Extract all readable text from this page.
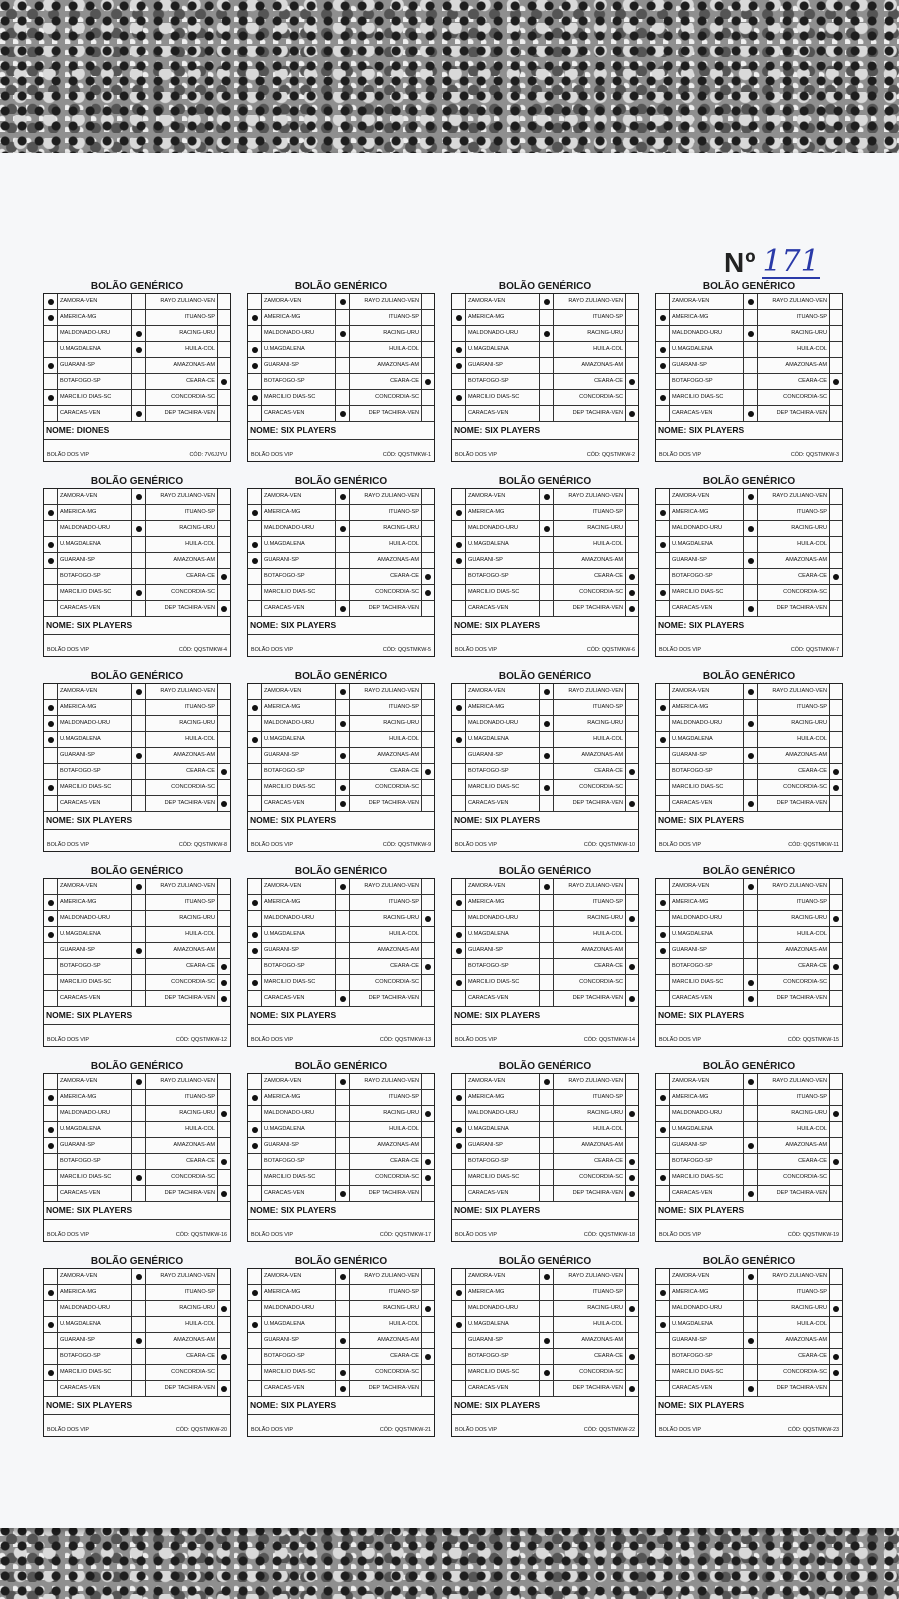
Nº 171
BOLÃO GENÉRICO
ZAMORA-VEN	RAYO ZULIANO-VEN
AMERICA-MG	ITUANO-SP
MALDONADO-URU	RACING-URU
U.MAGDALENA	HUILA-COL
GUARANI-SP	AMAZONAS-AM
BOTAFOGO-SP	CEARA-CE
MARCILIO DIAS-SC	CONCORDIA-SC
CARACAS-VEN	DEP TACHIRA-VEN
NOME: DIONES
BOLÃO DOS VIP	CÓD: 7V6JJYU
BOLÃO GENÉRICO
ZAMORA-VEN	RAYO ZULIANO-VEN
AMERICA-MG	ITUANO-SP
MALDONADO-URU	RACING-URU
U.MAGDALENA	HUILA-COL
GUARANI-SP	AMAZONAS-AM
BOTAFOGO-SP	CEARA-CE
MARCILIO DIAS-SC	CONCORDIA-SC
CARACAS-VEN	DEP TACHIRA-VEN
NOME: SIX PLAYERS
BOLÃO DOS VIP	CÓD: QQSTMKW-1
BOLÃO GENÉRICO
ZAMORA-VEN	RAYO ZULIANO-VEN
AMERICA-MG	ITUANO-SP
MALDONADO-URU	RACING-URU
U.MAGDALENA	HUILA-COL
GUARANI-SP	AMAZONAS-AM
BOTAFOGO-SP	CEARA-CE
MARCILIO DIAS-SC	CONCORDIA-SC
CARACAS-VEN	DEP TACHIRA-VEN
NOME: SIX PLAYERS
BOLÃO DOS VIP	CÓD: QQSTMKW-2
BOLÃO GENÉRICO
ZAMORA-VEN	RAYO ZULIANO-VEN
AMERICA-MG	ITUANO-SP
MALDONADO-URU	RACING-URU
U.MAGDALENA	HUILA-COL
GUARANI-SP	AMAZONAS-AM
BOTAFOGO-SP	CEARA-CE
MARCILIO DIAS-SC	CONCORDIA-SC
CARACAS-VEN	DEP TACHIRA-VEN
NOME: SIX PLAYERS
BOLÃO DOS VIP	CÓD: QQSTMKW-3
BOLÃO GENÉRICO
ZAMORA-VEN	RAYO ZULIANO-VEN
AMERICA-MG	ITUANO-SP
MALDONADO-URU	RACING-URU
U.MAGDALENA	HUILA-COL
GUARANI-SP	AMAZONAS-AM
BOTAFOGO-SP	CEARA-CE
MARCILIO DIAS-SC	CONCORDIA-SC
CARACAS-VEN	DEP TACHIRA-VEN
NOME: SIX PLAYERS
BOLÃO DOS VIP	CÓD: QQSTMKW-4
BOLÃO GENÉRICO
ZAMORA-VEN	RAYO ZULIANO-VEN
AMERICA-MG	ITUANO-SP
MALDONADO-URU	RACING-URU
U.MAGDALENA	HUILA-COL
GUARANI-SP	AMAZONAS-AM
BOTAFOGO-SP	CEARA-CE
MARCILIO DIAS-SC	CONCORDIA-SC
CARACAS-VEN	DEP TACHIRA-VEN
NOME: SIX PLAYERS
BOLÃO DOS VIP	CÓD: QQSTMKW-5
BOLÃO GENÉRICO
ZAMORA-VEN	RAYO ZULIANO-VEN
AMERICA-MG	ITUANO-SP
MALDONADO-URU	RACING-URU
U.MAGDALENA	HUILA-COL
GUARANI-SP	AMAZONAS-AM
BOTAFOGO-SP	CEARA-CE
MARCILIO DIAS-SC	CONCORDIA-SC
CARACAS-VEN	DEP TACHIRA-VEN
NOME: SIX PLAYERS
BOLÃO DOS VIP	CÓD: QQSTMKW-6
BOLÃO GENÉRICO
ZAMORA-VEN	RAYO ZULIANO-VEN
AMERICA-MG	ITUANO-SP
MALDONADO-URU	RACING-URU
U.MAGDALENA	HUILA-COL
GUARANI-SP	AMAZONAS-AM
BOTAFOGO-SP	CEARA-CE
MARCILIO DIAS-SC	CONCORDIA-SC
CARACAS-VEN	DEP TACHIRA-VEN
NOME: SIX PLAYERS
BOLÃO DOS VIP	CÓD: QQSTMKW-7
BOLÃO GENÉRICO
ZAMORA-VEN	RAYO ZULIANO-VEN
AMERICA-MG	ITUANO-SP
MALDONADO-URU	RACING-URU
U.MAGDALENA	HUILA-COL
GUARANI-SP	AMAZONAS-AM
BOTAFOGO-SP	CEARA-CE
MARCILIO DIAS-SC	CONCORDIA-SC
CARACAS-VEN	DEP TACHIRA-VEN
NOME: SIX PLAYERS
BOLÃO DOS VIP	CÓD: QQSTMKW-8
BOLÃO GENÉRICO
ZAMORA-VEN	RAYO ZULIANO-VEN
AMERICA-MG	ITUANO-SP
MALDONADO-URU	RACING-URU
U.MAGDALENA	HUILA-COL
GUARANI-SP	AMAZONAS-AM
BOTAFOGO-SP	CEARA-CE
MARCILIO DIAS-SC	CONCORDIA-SC
CARACAS-VEN	DEP TACHIRA-VEN
NOME: SIX PLAYERS
BOLÃO DOS VIP	CÓD: QQSTMKW-9
BOLÃO GENÉRICO
ZAMORA-VEN	RAYO ZULIANO-VEN
AMERICA-MG	ITUANO-SP
MALDONADO-URU	RACING-URU
U.MAGDALENA	HUILA-COL
GUARANI-SP	AMAZONAS-AM
BOTAFOGO-SP	CEARA-CE
MARCILIO DIAS-SC	CONCORDIA-SC
CARACAS-VEN	DEP TACHIRA-VEN
NOME: SIX PLAYERS
BOLÃO DOS VIP	CÓD: QQSTMKW-10
BOLÃO GENÉRICO
ZAMORA-VEN	RAYO ZULIANO-VEN
AMERICA-MG	ITUANO-SP
MALDONADO-URU	RACING-URU
U.MAGDALENA	HUILA-COL
GUARANI-SP	AMAZONAS-AM
BOTAFOGO-SP	CEARA-CE
MARCILIO DIAS-SC	CONCORDIA-SC
CARACAS-VEN	DEP TACHIRA-VEN
NOME: SIX PLAYERS
BOLÃO DOS VIP	CÓD: QQSTMKW-11
BOLÃO GENÉRICO
ZAMORA-VEN	RAYO ZULIANO-VEN
AMERICA-MG	ITUANO-SP
MALDONADO-URU	RACING-URU
U.MAGDALENA	HUILA-COL
GUARANI-SP	AMAZONAS-AM
BOTAFOGO-SP	CEARA-CE
MARCILIO DIAS-SC	CONCORDIA-SC
CARACAS-VEN	DEP TACHIRA-VEN
NOME: SIX PLAYERS
BOLÃO DOS VIP	CÓD: QQSTMKW-12
BOLÃO GENÉRICO
ZAMORA-VEN	RAYO ZULIANO-VEN
AMERICA-MG	ITUANO-SP
MALDONADO-URU	RACING-URU
U.MAGDALENA	HUILA-COL
GUARANI-SP	AMAZONAS-AM
BOTAFOGO-SP	CEARA-CE
MARCILIO DIAS-SC	CONCORDIA-SC
CARACAS-VEN	DEP TACHIRA-VEN
NOME: SIX PLAYERS
BOLÃO DOS VIP	CÓD: QQSTMKW-13
BOLÃO GENÉRICO
ZAMORA-VEN	RAYO ZULIANO-VEN
AMERICA-MG	ITUANO-SP
MALDONADO-URU	RACING-URU
U.MAGDALENA	HUILA-COL
GUARANI-SP	AMAZONAS-AM
BOTAFOGO-SP	CEARA-CE
MARCILIO DIAS-SC	CONCORDIA-SC
CARACAS-VEN	DEP TACHIRA-VEN
NOME: SIX PLAYERS
BOLÃO DOS VIP	CÓD: QQSTMKW-14
BOLÃO GENÉRICO
ZAMORA-VEN	RAYO ZULIANO-VEN
AMERICA-MG	ITUANO-SP
MALDONADO-URU	RACING-URU
U.MAGDALENA	HUILA-COL
GUARANI-SP	AMAZONAS-AM
BOTAFOGO-SP	CEARA-CE
MARCILIO DIAS-SC	CONCORDIA-SC
CARACAS-VEN	DEP TACHIRA-VEN
NOME: SIX PLAYERS
BOLÃO DOS VIP	CÓD: QQSTMKW-15
BOLÃO GENÉRICO
ZAMORA-VEN	RAYO ZULIANO-VEN
AMERICA-MG	ITUANO-SP
MALDONADO-URU	RACING-URU
U.MAGDALENA	HUILA-COL
GUARANI-SP	AMAZONAS-AM
BOTAFOGO-SP	CEARA-CE
MARCILIO DIAS-SC	CONCORDIA-SC
CARACAS-VEN	DEP TACHIRA-VEN
NOME: SIX PLAYERS
BOLÃO DOS VIP	CÓD: QQSTMKW-16
BOLÃO GENÉRICO
ZAMORA-VEN	RAYO ZULIANO-VEN
AMERICA-MG	ITUANO-SP
MALDONADO-URU	RACING-URU
U.MAGDALENA	HUILA-COL
GUARANI-SP	AMAZONAS-AM
BOTAFOGO-SP	CEARA-CE
MARCILIO DIAS-SC	CONCORDIA-SC
CARACAS-VEN	DEP TACHIRA-VEN
NOME: SIX PLAYERS
BOLÃO DOS VIP	CÓD: QQSTMKW-17
BOLÃO GENÉRICO
ZAMORA-VEN	RAYO ZULIANO-VEN
AMERICA-MG	ITUANO-SP
MALDONADO-URU	RACING-URU
U.MAGDALENA	HUILA-COL
GUARANI-SP	AMAZONAS-AM
BOTAFOGO-SP	CEARA-CE
MARCILIO DIAS-SC	CONCORDIA-SC
CARACAS-VEN	DEP TACHIRA-VEN
NOME: SIX PLAYERS
BOLÃO DOS VIP	CÓD: QQSTMKW-18
BOLÃO GENÉRICO
ZAMORA-VEN	RAYO ZULIANO-VEN
AMERICA-MG	ITUANO-SP
MALDONADO-URU	RACING-URU
U.MAGDALENA	HUILA-COL
GUARANI-SP	AMAZONAS-AM
BOTAFOGO-SP	CEARA-CE
MARCILIO DIAS-SC	CONCORDIA-SC
CARACAS-VEN	DEP TACHIRA-VEN
NOME: SIX PLAYERS
BOLÃO DOS VIP	CÓD: QQSTMKW-19
BOLÃO GENÉRICO
ZAMORA-VEN	RAYO ZULIANO-VEN
AMERICA-MG	ITUANO-SP
MALDONADO-URU	RACING-URU
U.MAGDALENA	HUILA-COL
GUARANI-SP	AMAZONAS-AM
BOTAFOGO-SP	CEARA-CE
MARCILIO DIAS-SC	CONCORDIA-SC
CARACAS-VEN	DEP TACHIRA-VEN
NOME: SIX PLAYERS
BOLÃO DOS VIP	CÓD: QQSTMKW-20
BOLÃO GENÉRICO
ZAMORA-VEN	RAYO ZULIANO-VEN
AMERICA-MG	ITUANO-SP
MALDONADO-URU	RACING-URU
U.MAGDALENA	HUILA-COL
GUARANI-SP	AMAZONAS-AM
BOTAFOGO-SP	CEARA-CE
MARCILIO DIAS-SC	CONCORDIA-SC
CARACAS-VEN	DEP TACHIRA-VEN
NOME: SIX PLAYERS
BOLÃO DOS VIP	CÓD: QQSTMKW-21
BOLÃO GENÉRICO
ZAMORA-VEN	RAYO ZULIANO-VEN
AMERICA-MG	ITUANO-SP
MALDONADO-URU	RACING-URU
U.MAGDALENA	HUILA-COL
GUARANI-SP	AMAZONAS-AM
BOTAFOGO-SP	CEARA-CE
MARCILIO DIAS-SC	CONCORDIA-SC
CARACAS-VEN	DEP TACHIRA-VEN
NOME: SIX PLAYERS
BOLÃO DOS VIP	CÓD: QQSTMKW-22
BOLÃO GENÉRICO
ZAMORA-VEN	RAYO ZULIANO-VEN
AMERICA-MG	ITUANO-SP
MALDONADO-URU	RACING-URU
U.MAGDALENA	HUILA-COL
GUARANI-SP	AMAZONAS-AM
BOTAFOGO-SP	CEARA-CE
MARCILIO DIAS-SC	CONCORDIA-SC
CARACAS-VEN	DEP TACHIRA-VEN
NOME: SIX PLAYERS
BOLÃO DOS VIP	CÓD: QQSTMKW-23
